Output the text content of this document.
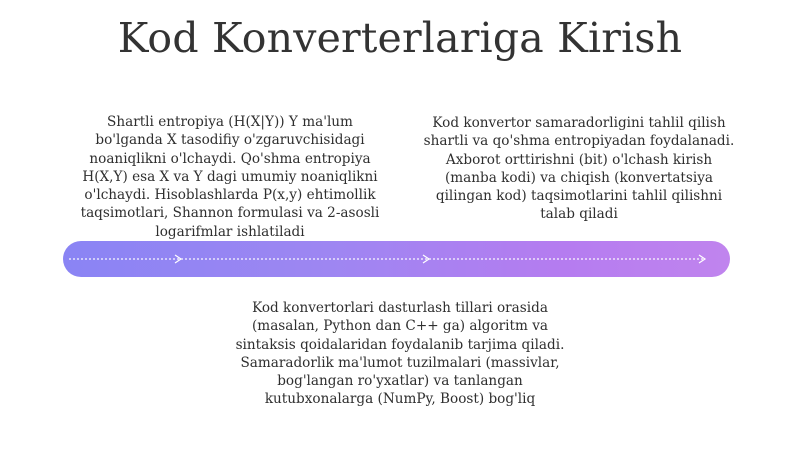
Kod Konverterlariga Kirish

Shartli entropiya (H(X|Y)) Y ma'lum bo'lganda X tasodifiy o'zgaruvchisidagi noaniqlikni o'lchaydi. Qo'shma entropiya H(X,Y) esa X va Y dagi umumiy noaniqlikni o'lchaydi. Hisoblashlarda P(x,y) ehtimollik taqsimotlari, Shannon formulasi va 2-asosli logarifmlar ishlatiladi

Kod konvertor samaradorligini tahlil qilish shartli va qo'shma entropiyadan foydalanadi. Axborot orttirishni (bit) o'lchash kirish (manba kodi) va chiqish (konvertatsiya qilingan kod) taqsimotlarini tahlil qilishni talab qiladi

Kod konvertorlari dasturlash tillari orasida (masalan, Python dan C++ ga) algoritm va sintaksis qoidalaridan foydalanib tarjima qiladi. Samaradorlik ma'lumot tuzilmalari (massivlar, bog'langan ro'yxatlar) va tanlangan kutubxonalarga (NumPy, Boost) bog'liq
